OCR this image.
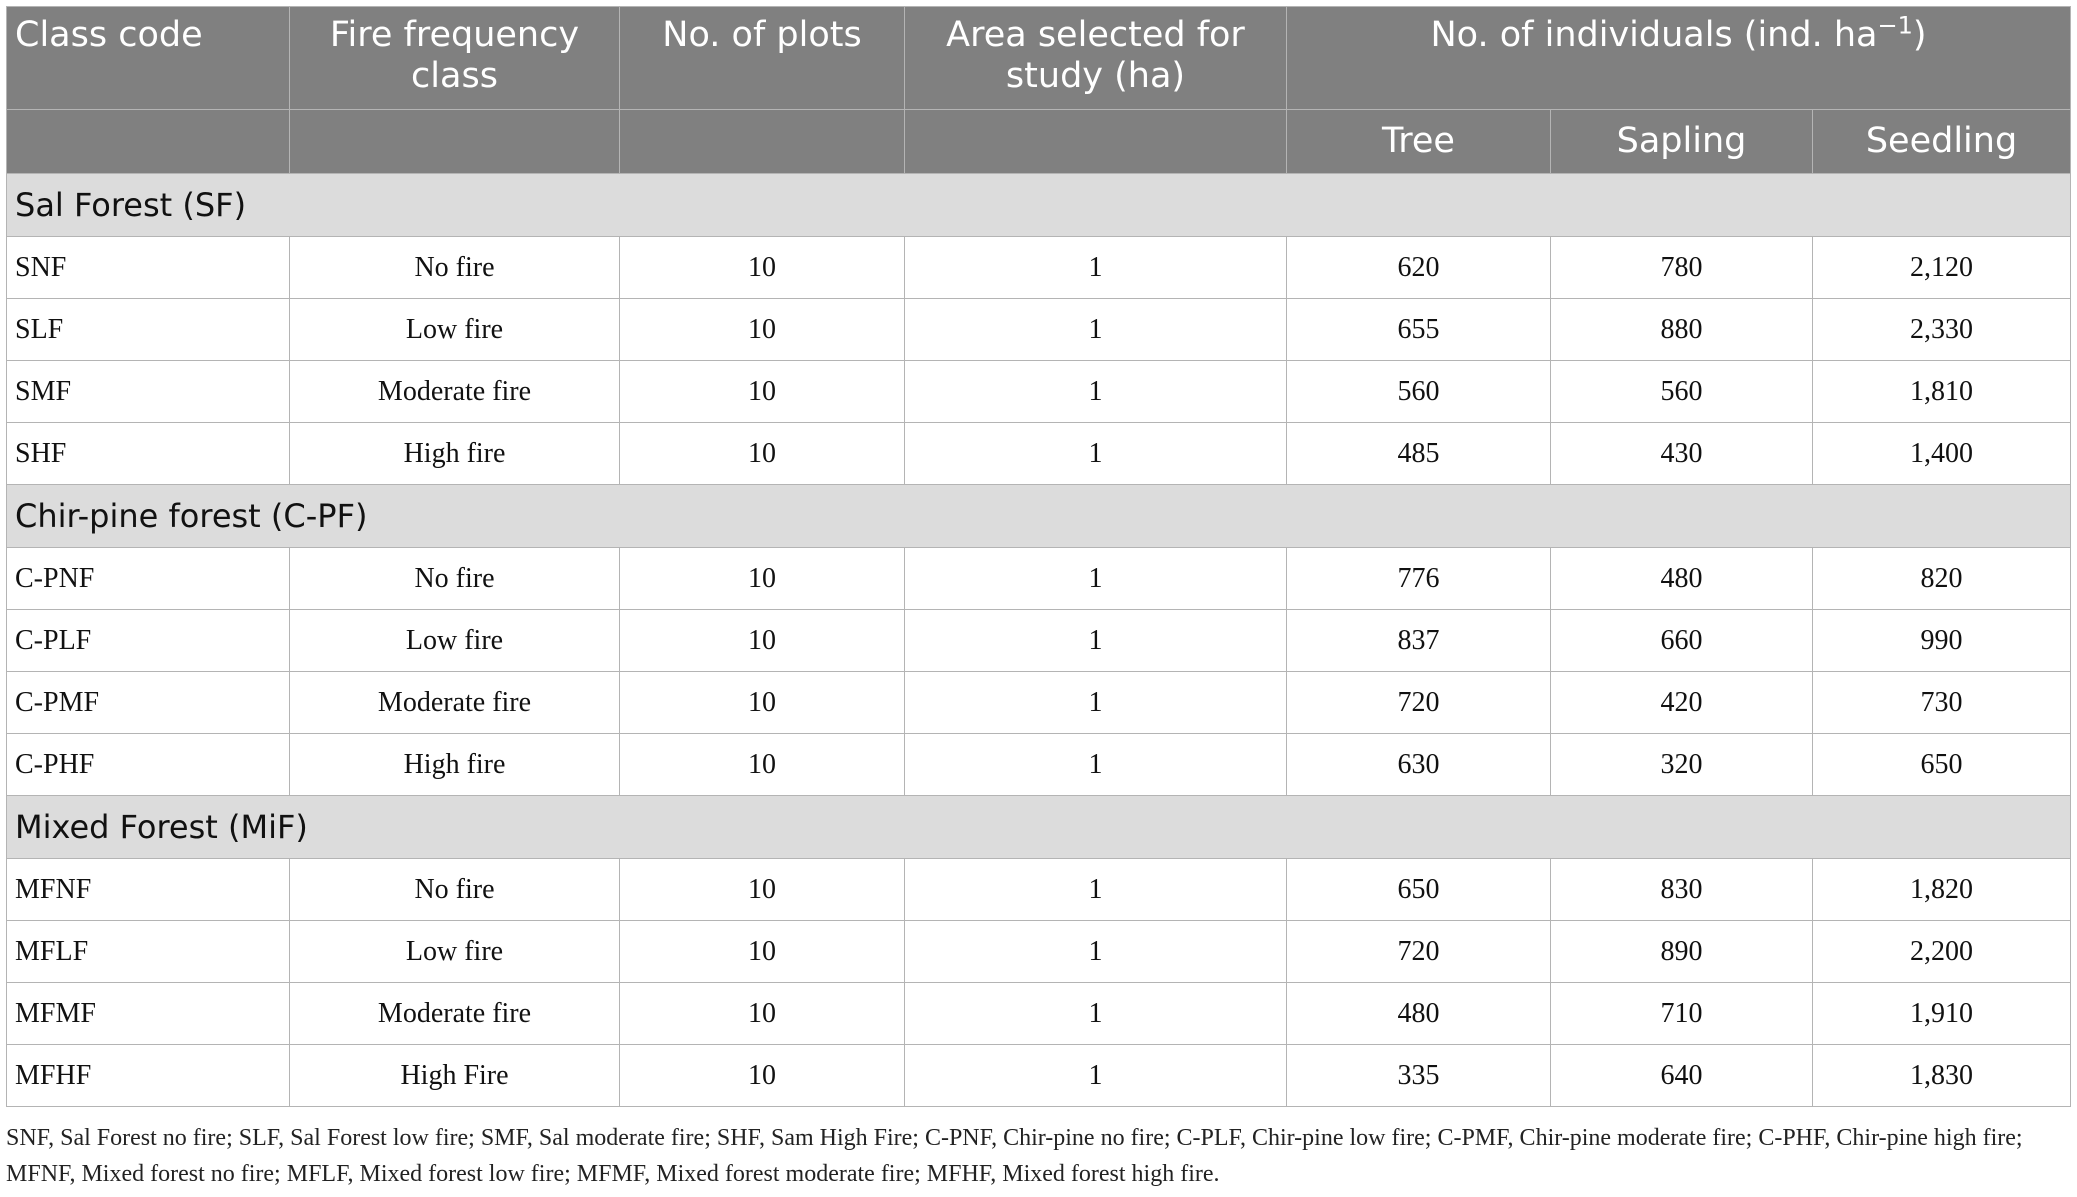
Class code	Fire frequency class	No. of plots	Area selected for study (ha)	No. of individuals (ind. $ha^{-1}$)		
				Tree	Sapling	Seedling
Sal Forest (SF)						
SNF	No fire	10	1	620	780	2,120
SLF	Low fire	10	1	655	880	2,330
SMF	Moderate fire	10	1	560	560	1,810
SHF	High fire	10	1	485	430	1,400
Chir-pine forest (C-PF)						
C-PNF	No fire	10	1	776	480	820
C-PLF	Low fire	10	1	837	660	990
C-PMF	Moderate fire	10	1	720	420	730
C-PHF	High fire	10	1	630	320	650
Mixed Forest (MiF)						
MFNF	No fire	10	1	650	830	1,820
MFLF	Low fire	10	1	720	890	2,200
MFMF	Moderate fire	10	1	480	710	1,910
MFHF	High Fire	10	1	335	640	1,830
SNF, Sal Forest no fire; SLF, Sal Forest low fire; SMF, Sal moderate fire; SHF, Sam High Fire; C-PNF, Chir-pine no fire; C-PLF, Chir-pine low fire; C-PMF, Chir-pine moderate fire; C-PHF, Chir-pine high fire; MFNF, Mixed forest no fire; MFLF, Mixed forest low fire; MFMF, Mixed forest moderate fire; MFHF, Mixed forest high fire.
